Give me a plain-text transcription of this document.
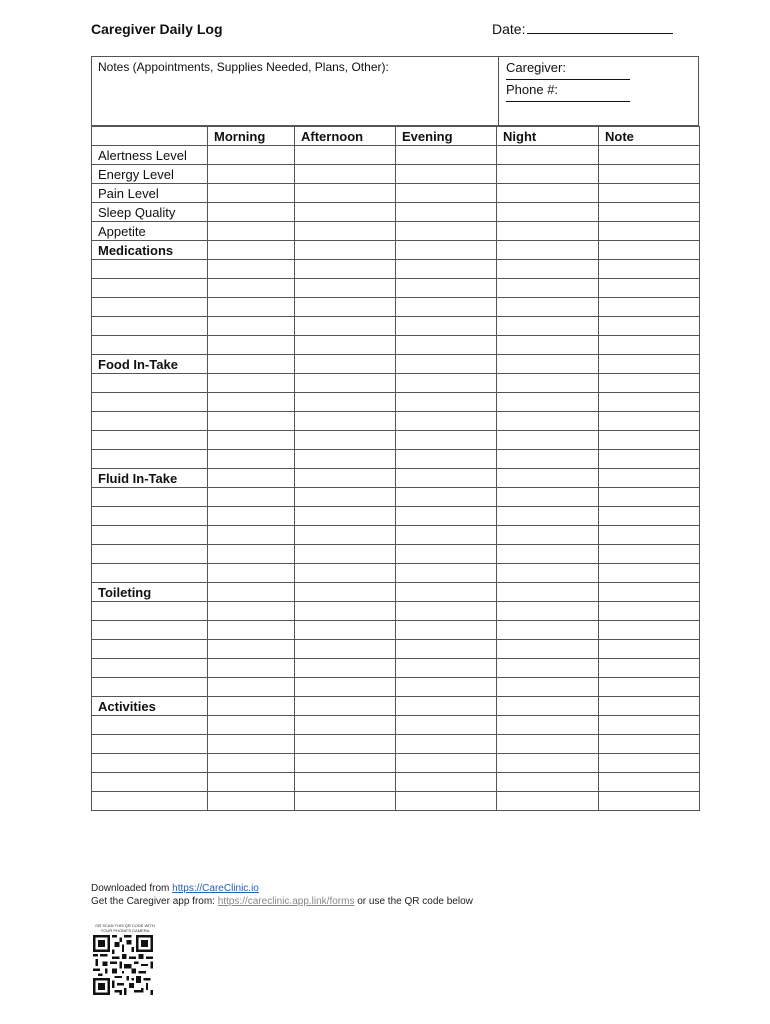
Caregiver Daily Log	Date:
Notes (Appointments, Supplies Needed, Plans, Other):	Caregiver:
Phone #:
	Morning	Afternoon	Evening	Night	Note
Alertness Level					
Energy Level					
Pain Level					
Sleep Quality					
Appetite					
Medications					

Food In-Take					

Fluid In-Take					

Toileting					

Activities					

Downloaded from https://CareClinic.io
Get the Caregiver app from: https://careclinic.app.link/forms or use the QR code below
OR SCAN THIS QR CODE WITH YOUR PHONE'S CAMERA
